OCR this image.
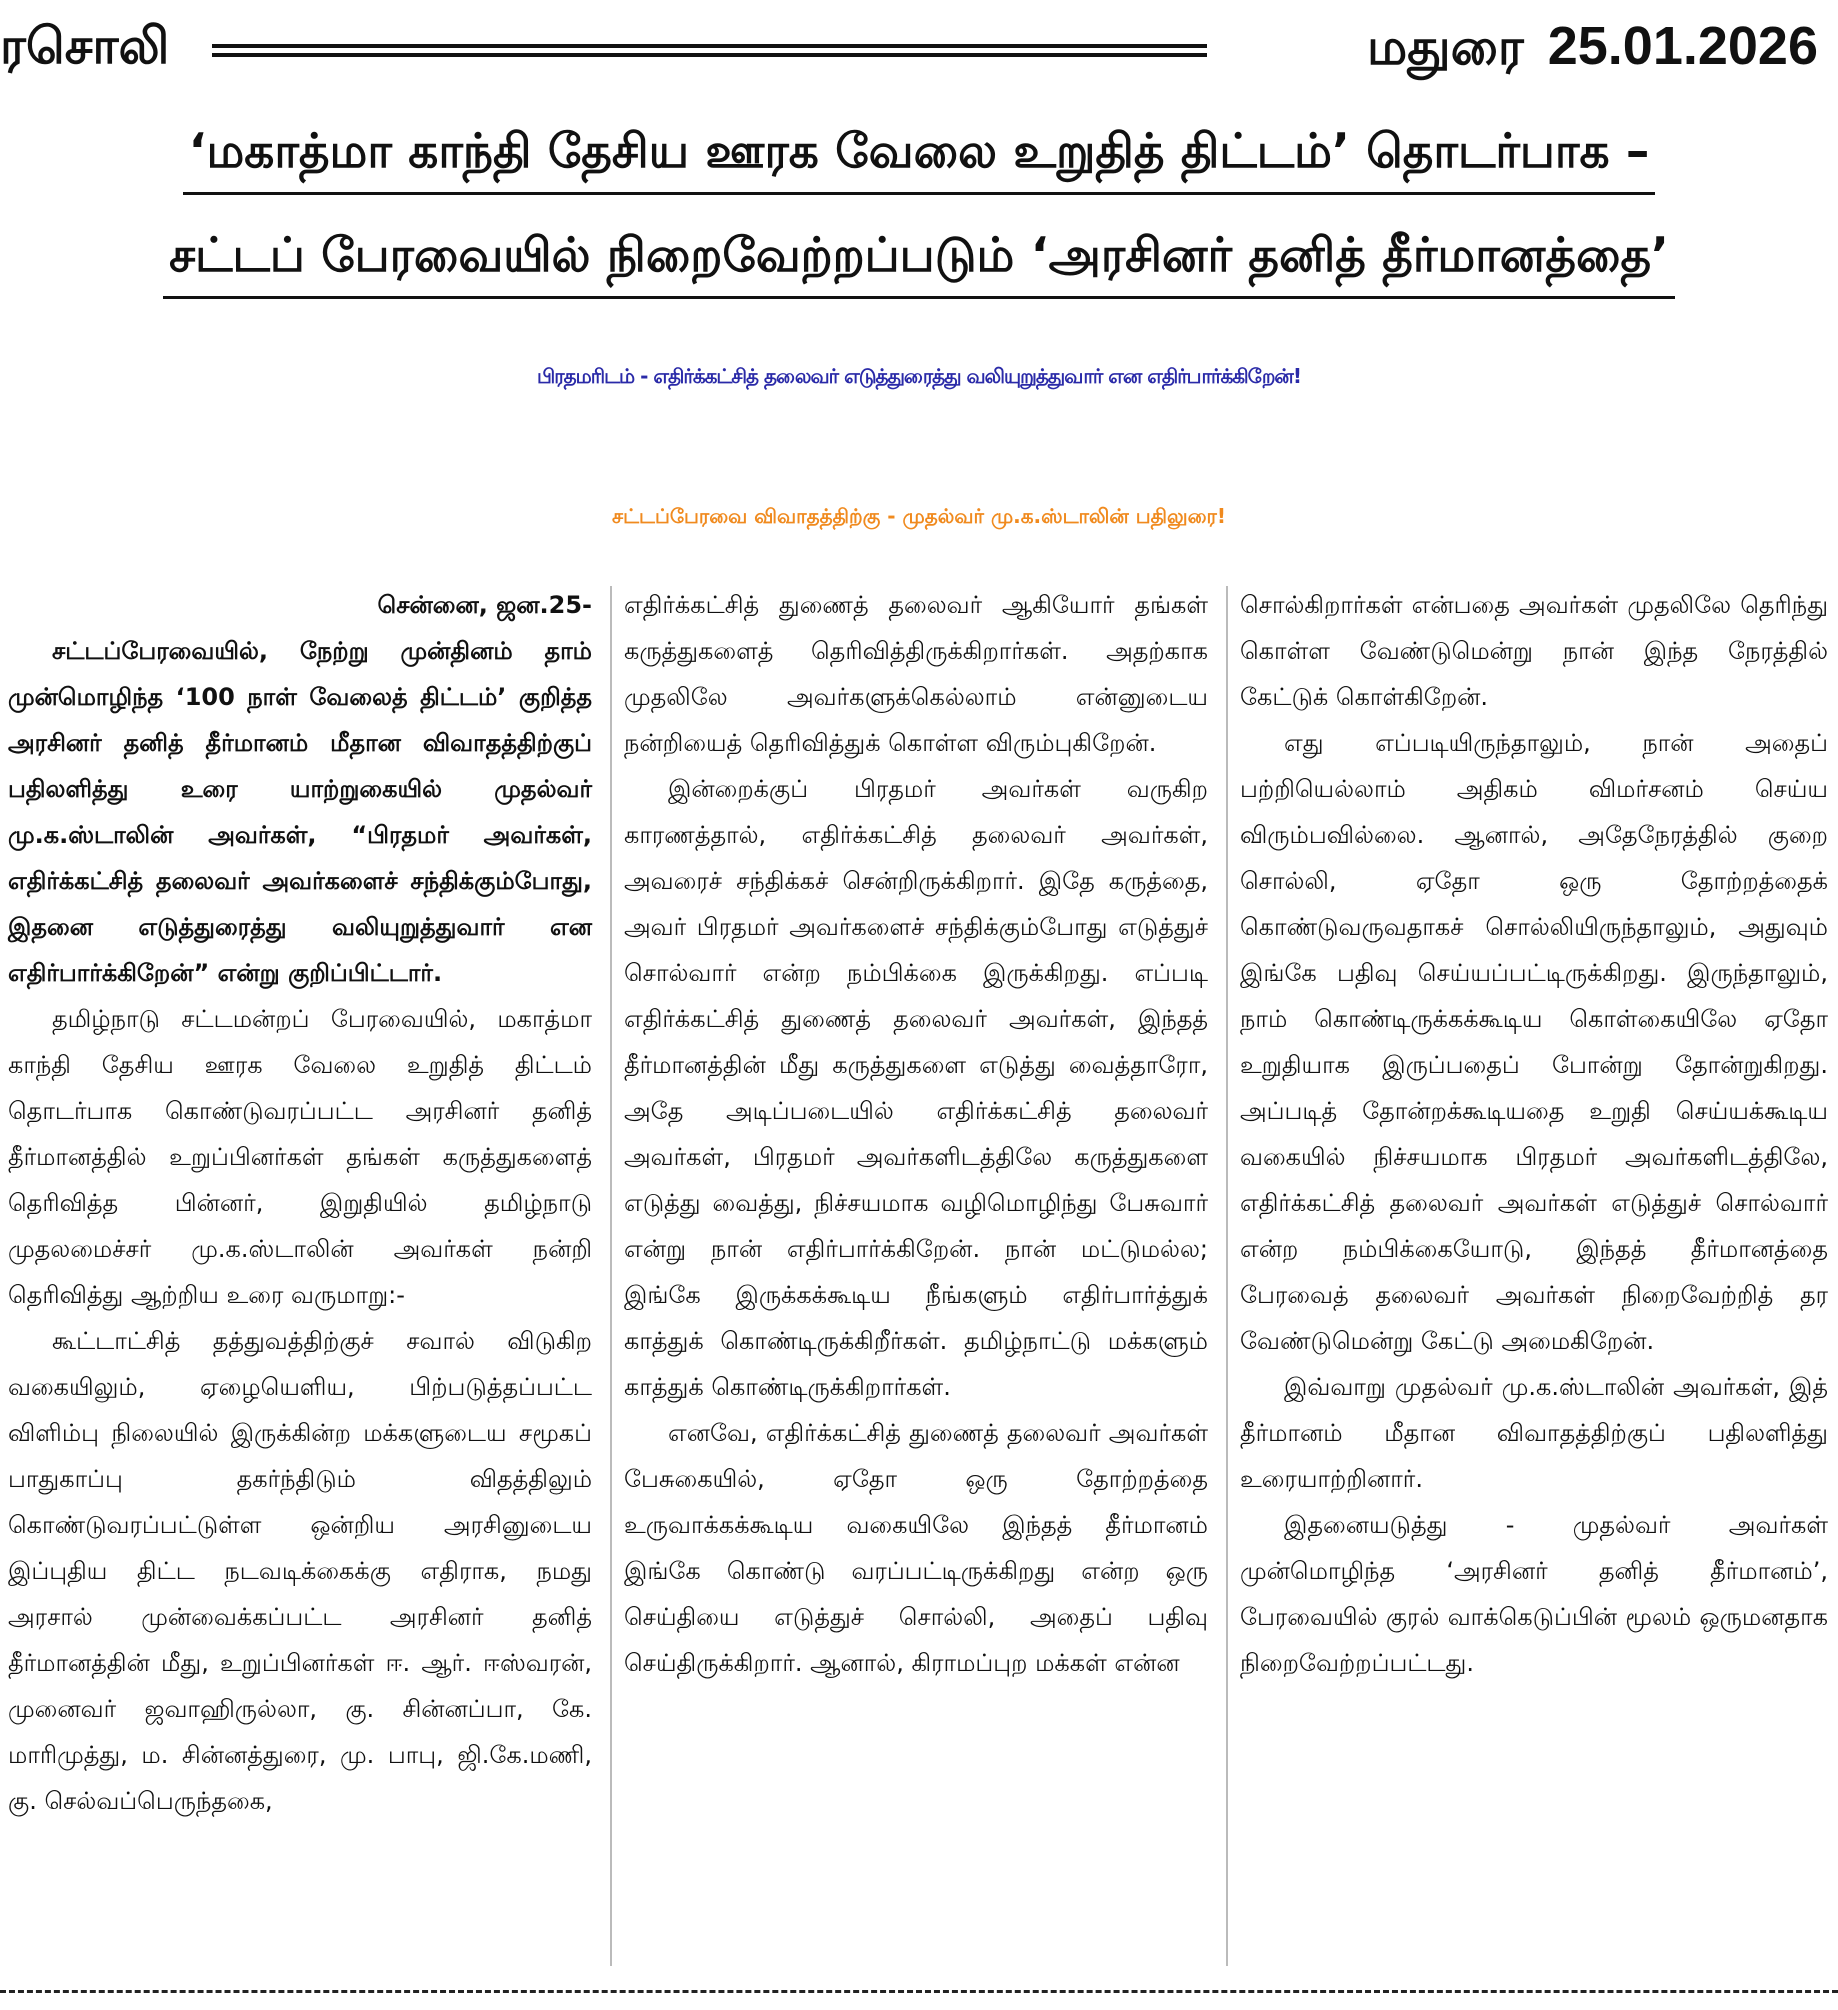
ரசொலி	மதுரை 25.01.2026
‘மகாத்மா காந்தி தேசிய ஊரக வேலை உறுதித் திட்டம்’ தொடர்பாக –
சட்டப் பேரவையில் நிறைவேற்றப்படும் ‘அரசினர் தனித் தீர்மானத்தை’
பிரதமரிடம் - எதிர்க்கட்சித் தலைவர் எடுத்துரைத்து வலியுறுத்துவார் என எதிர்பார்க்கிறேன்!
சட்டப்பேரவை விவாதத்திற்கு - முதல்வர் மு.க.ஸ்டாலின் பதிலுரை!

சென்னை, ஜன.25-

சட்டப்பேரவையில், நேற்று முன்தினம் தாம் முன்மொழிந்த ‘100 நாள் வேலைத் திட்டம்’ குறித்த அரசினர் தனித் தீர்மானம் மீதான விவாதத்திற்குப் பதிலளித்து உரை யாற்றுகையில் முதல்வர் மு.க.ஸ்டாலின் அவர்கள், “பிரதமர் அவர்கள், எதிர்க்கட்சித் தலைவர் அவர்களைச் சந்திக்கும்போது, இதனை எடுத்துரைத்து வலியுறுத்துவார் என எதிர்பார்க்கிறேன்” என்று குறிப்பிட்டார்.

தமிழ்நாடு சட்டமன்றப் பேரவையில், மகாத்மா காந்தி தேசிய ஊரக வேலை உறுதித் திட்டம் தொடர்பாக கொண்டுவரப்பட்ட அரசினர் தனித் தீர்மானத்தில் உறுப்பினர்கள் தங்கள் கருத்துகளைத் தெரிவித்த பின்னர், இறுதியில் தமிழ்நாடு முதலமைச்சர் மு.க.ஸ்டாலின் அவர்கள் நன்றி தெரிவித்து ஆற்றிய உரை வருமாறு:-

கூட்டாட்சித் தத்துவத்திற்குச் சவால் விடுகிற வகையிலும், ஏழையெளிய, பிற்படுத்தப்பட்ட விளிம்பு நிலையில் இருக்கின்ற மக்களுடைய சமூகப் பாதுகாப்பு தகர்ந்திடும் விதத்திலும் கொண்டுவரப்பட்டுள்ள ஒன்றிய அரசினுடைய இப்புதிய திட்ட நடவடிக்கைக்கு எதிராக, நமது அரசால் முன்வைக்கப்பட்ட அரசினர் தனித் தீர்மானத்தின் மீது, உறுப்பினர்கள் ஈ. ஆர். ஈஸ்வரன், முனைவர் ஜவாஹிருல்லா, கு. சின்னப்பா, கே. மாரிமுத்து, ம. சின்னத்துரை, மு. பாபு, ஜி.கே.மணி, கு. செல்வப்பெருந்தகை,

எதிர்க்கட்சித் துணைத் தலைவர் ஆகியோர் தங்கள் கருத்துகளைத் தெரிவித்திருக்கிறார்கள். அதற்காக முதலிலே அவர்களுக்கெல்லாம் என்னுடைய நன்றியைத் தெரிவித்துக் கொள்ள விரும்புகிறேன்.

இன்றைக்குப் பிரதமர் அவர்கள் வருகிற காரணத்தால், எதிர்க்கட்சித் தலைவர் அவர்கள், அவரைச் சந்திக்கச் சென்றிருக்கிறார். இதே கருத்தை, அவர் பிரதமர் அவர்களைச் சந்திக்கும்போது எடுத்துச் சொல்வார் என்ற நம்பிக்கை இருக்கிறது. எப்படி எதிர்க்கட்சித் துணைத் தலைவர் அவர்கள், இந்தத் தீர்மானத்தின் மீது கருத்துகளை எடுத்து வைத்தாரோ, அதே அடிப்படையில் எதிர்க்கட்சித் தலைவர் அவர்கள், பிரதமர் அவர்களிடத்திலே கருத்துகளை எடுத்து வைத்து, நிச்சயமாக வழிமொழிந்து பேசுவார் என்று நான் எதிர்பார்க்கிறேன். நான் மட்டுமல்ல; இங்கே இருக்கக்கூடிய நீங்களும் எதிர்பார்த்துக் காத்துக் கொண்டிருக்கிறீர்கள். தமிழ்நாட்டு மக்களும் காத்துக் கொண்டிருக்கிறார்கள்.

எனவே, எதிர்க்கட்சித் துணைத் தலைவர் அவர்கள் பேசுகையில், ஏதோ ஒரு தோற்றத்தை உருவாக்கக்கூடிய வகையிலே இந்தத் தீர்மானம் இங்கே கொண்டு வரப்பட்டிருக்கிறது என்ற ஒரு செய்தியை எடுத்துச் சொல்லி, அதைப் பதிவு செய்திருக்கிறார். ஆனால், கிராமப்புற மக்கள் என்ன

சொல்கிறார்கள் என்பதை அவர்கள் முதலிலே தெரிந்து கொள்ள வேண்டுமென்று நான் இந்த நேரத்தில் கேட்டுக் கொள்கிறேன்.

எது எப்படியிருந்தாலும், நான் அதைப் பற்றியெல்லாம் அதிகம் விமர்சனம் செய்ய விரும்பவில்லை. ஆனால், அதேநேரத்தில் குறை சொல்லி, ஏதோ ஒரு தோற்றத்தைக் கொண்டுவருவதாகச் சொல்லியிருந்தாலும், அதுவும் இங்கே பதிவு செய்யப்பட்டிருக்கிறது. இருந்தாலும், நாம் கொண்டிருக்கக்கூடிய கொள்கையிலே ஏதோ உறுதியாக இருப்பதைப் போன்று தோன்றுகிறது. அப்படித் தோன்றக்கூடியதை உறுதி செய்யக்கூடிய வகையில் நிச்சயமாக பிரதமர் அவர்களிடத்திலே, எதிர்க்கட்சித் தலைவர் அவர்கள் எடுத்துச் சொல்வார் என்ற நம்பிக்கையோடு, இந்தத் தீர்மானத்தை பேரவைத் தலைவர் அவர்கள் நிறைவேற்றித் தர வேண்டுமென்று கேட்டு அமைகிறேன்.

இவ்வாறு முதல்வர் மு.க.ஸ்டாலின் அவர்கள், இத் தீர்மானம் மீதான விவாதத்திற்குப் பதிலளித்து உரையாற்றினார்.

இதனையடுத்து - முதல்வர் அவர்கள் முன்மொழிந்த ‘அரசினர் தனித் தீர்மானம்’, பேரவையில் குரல் வாக்கெடுப்பின் மூலம் ஒருமனதாக நிறைவேற்றப்பட்டது.
